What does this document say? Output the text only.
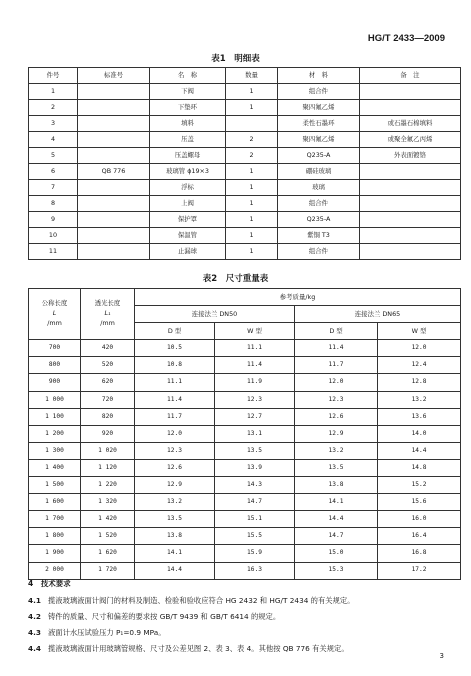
HG/T 2433—2009
表1　明细表
件号	标准号	名　称	数量	材　料	备　注
1		下阀	1	组合件	
2		下垫环	1	聚四氟乙烯	
3		填料		柔性石墨环	或石墨石棉填料
4		压盖	2	聚四氟乙烯	或聚全氟乙丙烯
5		压盖螺母	2	Q235-A	外表面镀铬
6	QB 776	玻璃管 ϕ19×3	1	硼硅玻璃	
7		浮标	1	玻璃	
8		上阀	1	组合件	
9		保护罩	1	Q235-A	
10		保温管	1	紫铜 T3	
11		止漏球	1	组合件	
表2　尺寸重量表
公称长度
L
/mm	透光长度
L₁
/mm	参考质量/kg			
		连接法兰 DN50		连接法兰 DN65	
		D 型	W 型	D 型	W 型
700	420	10.5	11.1	11.4	12.0
800	520	10.8	11.4	11.7	12.4
900	620	11.1	11.9	12.0	12.8
1 000	720	11.4	12.3	12.3	13.2
1 100	820	11.7	12.7	12.6	13.6
1 200	920	12.0	13.1	12.9	14.0
1 300	1 020	12.3	13.5	13.2	14.4
1 400	1 120	12.6	13.9	13.5	14.8
1 500	1 220	12.9	14.3	13.8	15.2
1 600	1 320	13.2	14.7	14.1	15.6
1 700	1 420	13.5	15.1	14.4	16.0
1 800	1 520	13.8	15.5	14.7	16.4
1 900	1 620	14.1	15.9	15.0	16.8
2 000	1 720	14.4	16.3	15.3	17.2
4　技术要求
4.1 揽液玻璃液面计阀门的材料及制造、检验和验收应符合 HG 2432 和 HG/T 2434 的有关规定。
4.2 铸件的质量、尺寸和偏差的要求按 GB/T 9439 和 GB/T 6414 的规定。
4.3 液面计水压试验压力 P₁=0.9 MPa。
4.4 揽液玻璃液面计用玻璃管规格、尺寸及公差见图 2、表 3、表 4。其他按 QB 776 有关规定。
3
